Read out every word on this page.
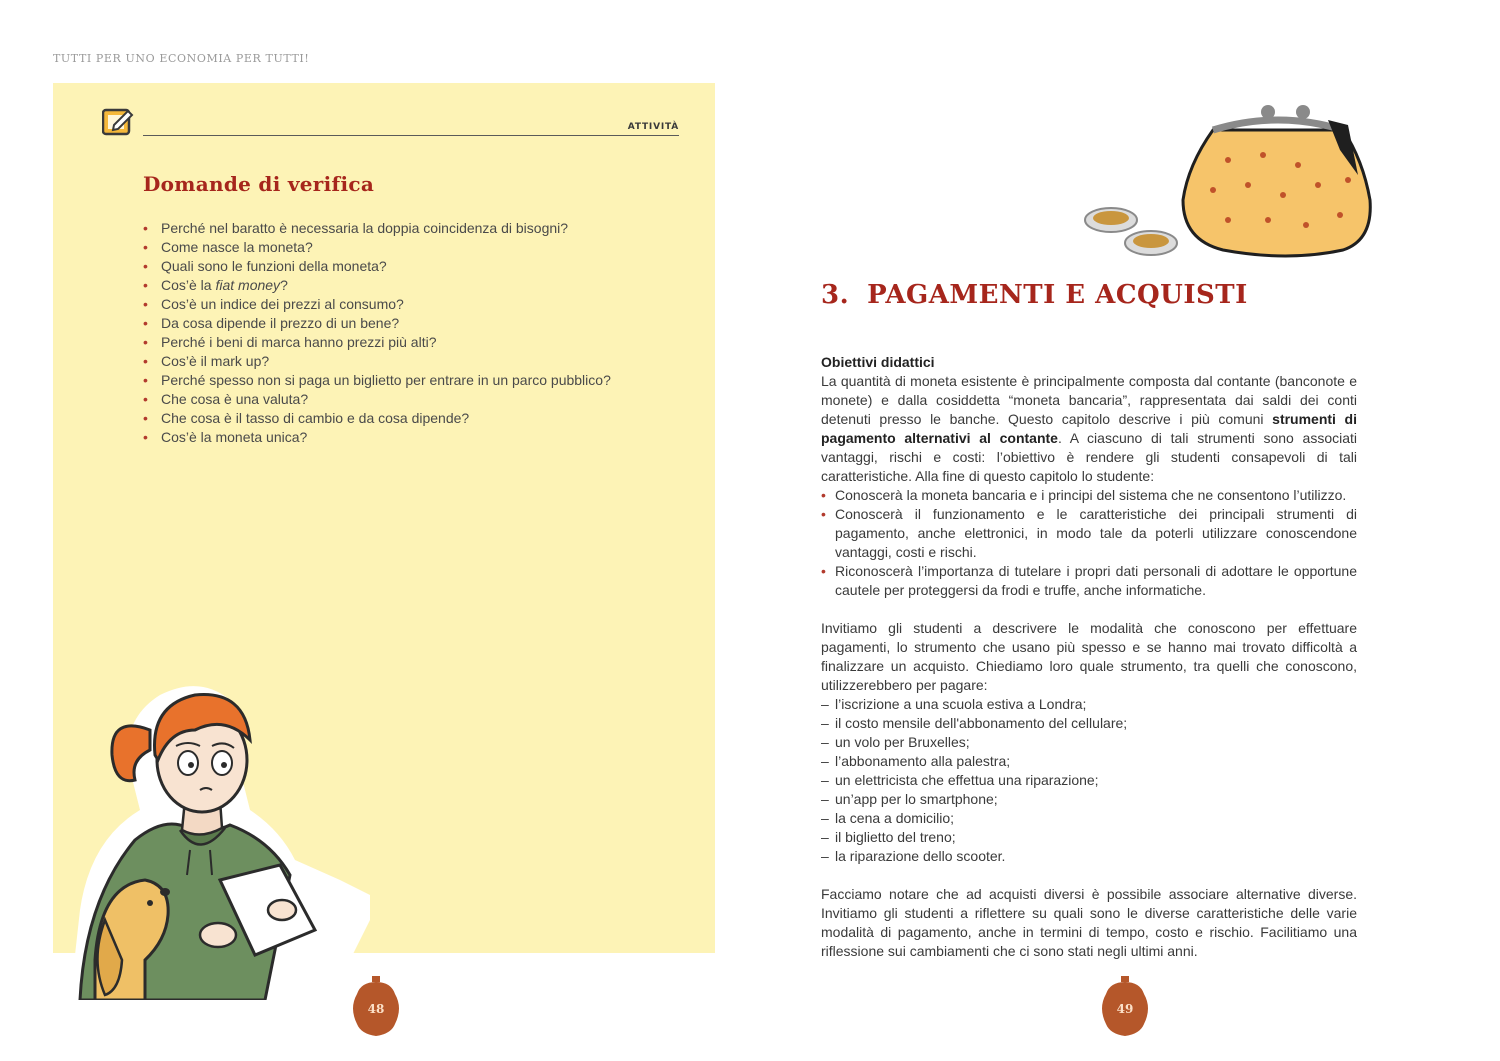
TUTTI PER UNO ECONOMIA PER TUTTI!
ATTIVITÀ
Domande di verifica
• Perché nel baratto è necessaria la doppia coincidenza di bisogni?
• Come nasce la moneta?
• Quali sono le funzioni della moneta?
• Cos’è la fiat money?
• Cos’è un indice dei prezzi al consumo?
• Da cosa dipende il prezzo di un bene?
• Perché i beni di marca hanno prezzi più alti?
• Cos’è il mark up?
• Perché spesso non si paga un biglietto per entrare in un parco pubblico?
• Che cosa è una valuta?
• Che cosa è il tasso di cambio e da cosa dipende?
• Cos’è la moneta unica?
48	49
3. PAGAMENTI E ACQUISTI
Obiettivi didattici

La quantità di moneta esistente è principalmente composta dal contante (banconote e monete) e dalla cosiddetta “moneta bancaria”, rappresentata dai saldi dei conti detenuti presso le banche. Questo capitolo descrive i più comuni strumenti di pagamento alternativi al contante. A ciascuno di tali strumenti sono associati vantaggi, rischi e costi: l’obiettivo è rendere gli studenti consapevoli di tali caratteristiche. Alla fine di questo capitolo lo studente:

• Conoscerà la moneta bancaria e i principi del sistema che ne consentono l’utilizzo.
• Conoscerà il funzionamento e le caratteristiche dei principali strumenti di pagamento, anche elettronici, in modo tale da poterli utilizzare conoscendone vantaggi, costi e rischi.
• Riconoscerà l’importanza di tutelare i propri dati personali di adottare le opportune cautele per proteggersi da frodi e truffe, anche informatiche.

Invitiamo gli studenti a descrivere le modalità che conoscono per effettuare pagamenti, lo strumento che usano più spesso e se hanno mai trovato difficoltà a finalizzare un acquisto. Chiediamo loro quale strumento, tra quelli che conoscono, utilizzerebbero per pagare:

– l’iscrizione a una scuola estiva a Londra;
– il costo mensile dell'abbonamento del cellulare;
– un volo per Bruxelles;
– l’abbonamento alla palestra;
– un elettricista che effettua una riparazione;
– un’app per lo smartphone;
– la cena a domicilio;
– il biglietto del treno;
– la riparazione dello scooter.

Facciamo notare che ad acquisti diversi è possibile associare alternative diverse. Invitiamo gli studenti a riflettere su quali sono le diverse caratteristiche delle varie modalità di pagamento, anche in termini di tempo, costo e rischio. Facilitiamo una riflessione sui cambiamenti che ci sono stati negli ultimi anni.
